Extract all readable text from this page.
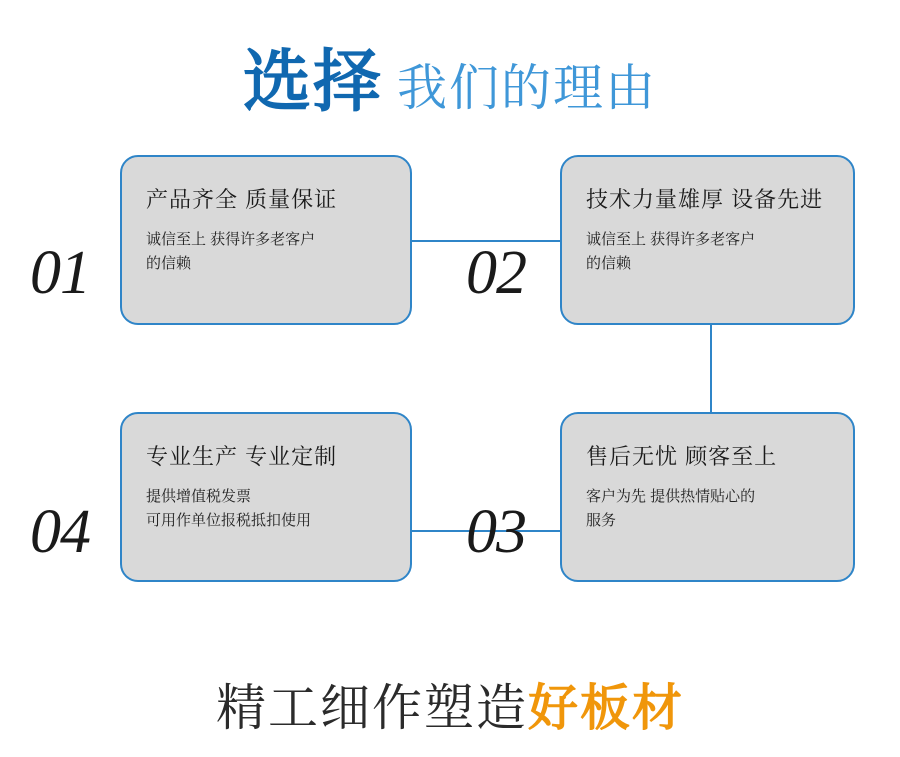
选择 我们的理由
01
产品齐全 质量保证
诚信至上 获得许多老客户
的信赖	02
技术力量雄厚 设备先进
诚信至上 获得许多老客户
的信赖
04
专业生产 专业定制
提供增值税发票
可用作单位报税抵扣使用	03
售后无忧 顾客至上
客户为先 提供热情贴心的
服务
精工细作塑造好板材
